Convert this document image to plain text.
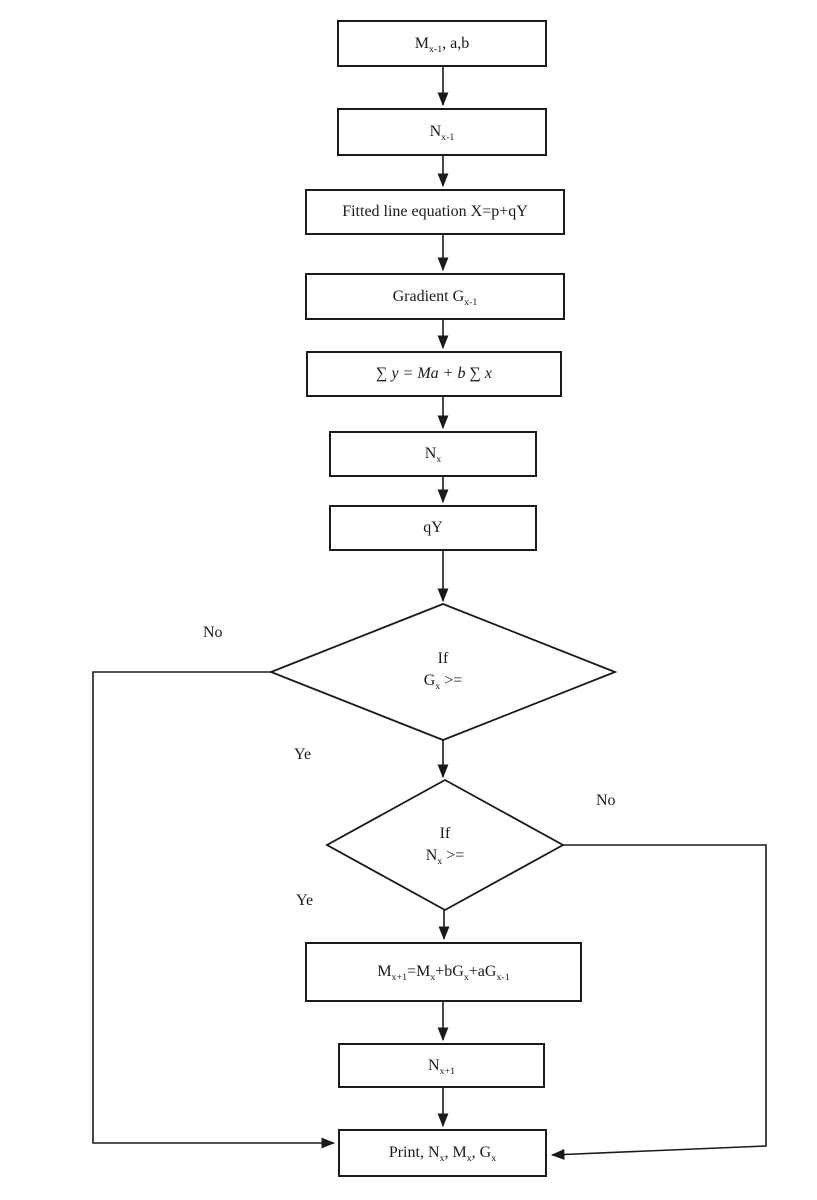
$M_{x-1}$, a,b
$N_{x-1}$
Fitted line equation X=p+qY
Gradient $G_{x-1}$
∑ y = Ma + b ∑ x
$N_x$
qY
$M_{x+1}=M_x+bG_x+aG_{x-1}$
$N_{x+1}$
Print, $N_x$, $M_x$, $G_x$
If
$G_x$ >=
If
$N_x$ >=
No
Ye
No
Ye
